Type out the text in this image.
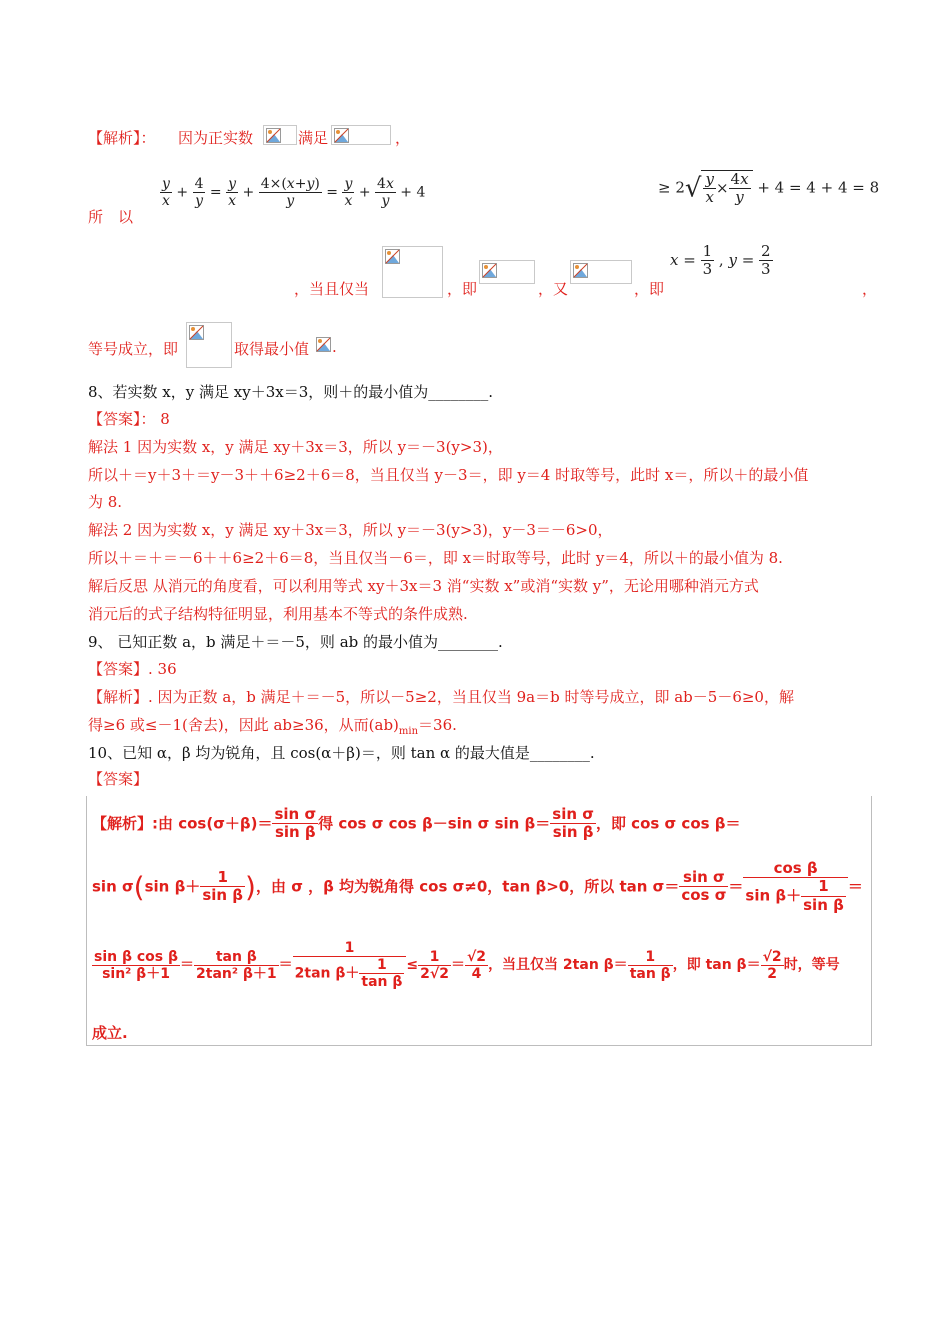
【解析】： 因为正实数	满足	，
所　以
$\frac{y}{x} + \frac{4}{y} = \frac{y}{x} + \frac{4\times(x+y)}{y} = \frac{y}{x} + \frac{4x}{y} + 4$	≥ $2√ \frac{y}{x} \times \frac{4x}{y} + 4 = 4 + 4 = 8$
，当且仅当	，即	，又	，即
$x = \frac{1}{3}$ , $y = \frac{2}{3}$
，
等号成立，即	取得最小值 .
8、若实数 x，y 满足 xy＋3x＝3，则＋的最小值为________.
【答案】： 8
解法 1 因为实数 x，y 满足 xy＋3x＝3，所以 y＝－3(y>3)，
所以＋＝y＋3＋＝y－3＋＋6≥2＋6＝8，当且仅当 y－3＝，即 y＝4 时取等号，此时 x＝，所以＋的最小值
为 8.
解法 2 因为实数 x，y 满足 xy＋3x＝3，所以 y＝－3(y>3)，y－3＝－6>0，
所以＋＝＋＝－6＋＋6≥2＋6＝8，当且仅当－6＝，即 x＝时取等号，此时 y＝4，所以＋的最小值为 8.
解后反思 从消元的角度看，可以利用等式 xy＋3x＝3 消“实数 x”或消“实数 y”，无论用哪种消元方式
消元后的式子结构特征明显，利用基本不等式的条件成熟.
9、 已知正数 a，b 满足＋＝－5，则 ab 的最小值为________.
【答案】. 36
【解析】. 因为正数 a，b 满足＋＝－5，所以－5≥2，当且仅当 9a＝b 时等号成立，即 ab－5－6≥0，解
得≥6 或≤－1(舍去)，因此 ab≥36，从而$(ab)_{min}=36$.
10、已知 α，β 均为锐角，且 cos(α＋β)＝，则 tan α 的最大值是________.
【答案】
【解析】:由 $\cos(\sigma+\beta)= \frac{\text{sin σ}}{\text{sin β}}$ 得 cos σ cos β－sin σ $\sin \beta= \frac{\text{sin σ}}{\text{sin β}}$ ，即 cos σ cos β＝
sin σ(sin $\beta+ \frac{1}{\text{sin β}}$ )，由 σ ，β 均为锐角得 cos σ≠0，tan β>0，所以 $\tan \sigma= \frac{\text{sin σ}}{\text{cos σ}} = \frac{\text{cos β}}{\sin \beta+ \frac{1}{\text{sin β}}}$ ＝
$\frac{\text{sin β cos β}}{\text{sin² β＋1}} = \frac{\text{tan β}}{\text{2tan² β＋1}} = \frac{1}{2\tan \beta+ \frac{1}{\text{tan β}}} \le \frac{1}{2√2} = \frac{√2}{4}$ ，当且仅当 2tan $\beta= \frac{1}{\text{tan β}}$ ，即 $\tan \beta= \frac{√2}{2}$ 时，等号
成立.
